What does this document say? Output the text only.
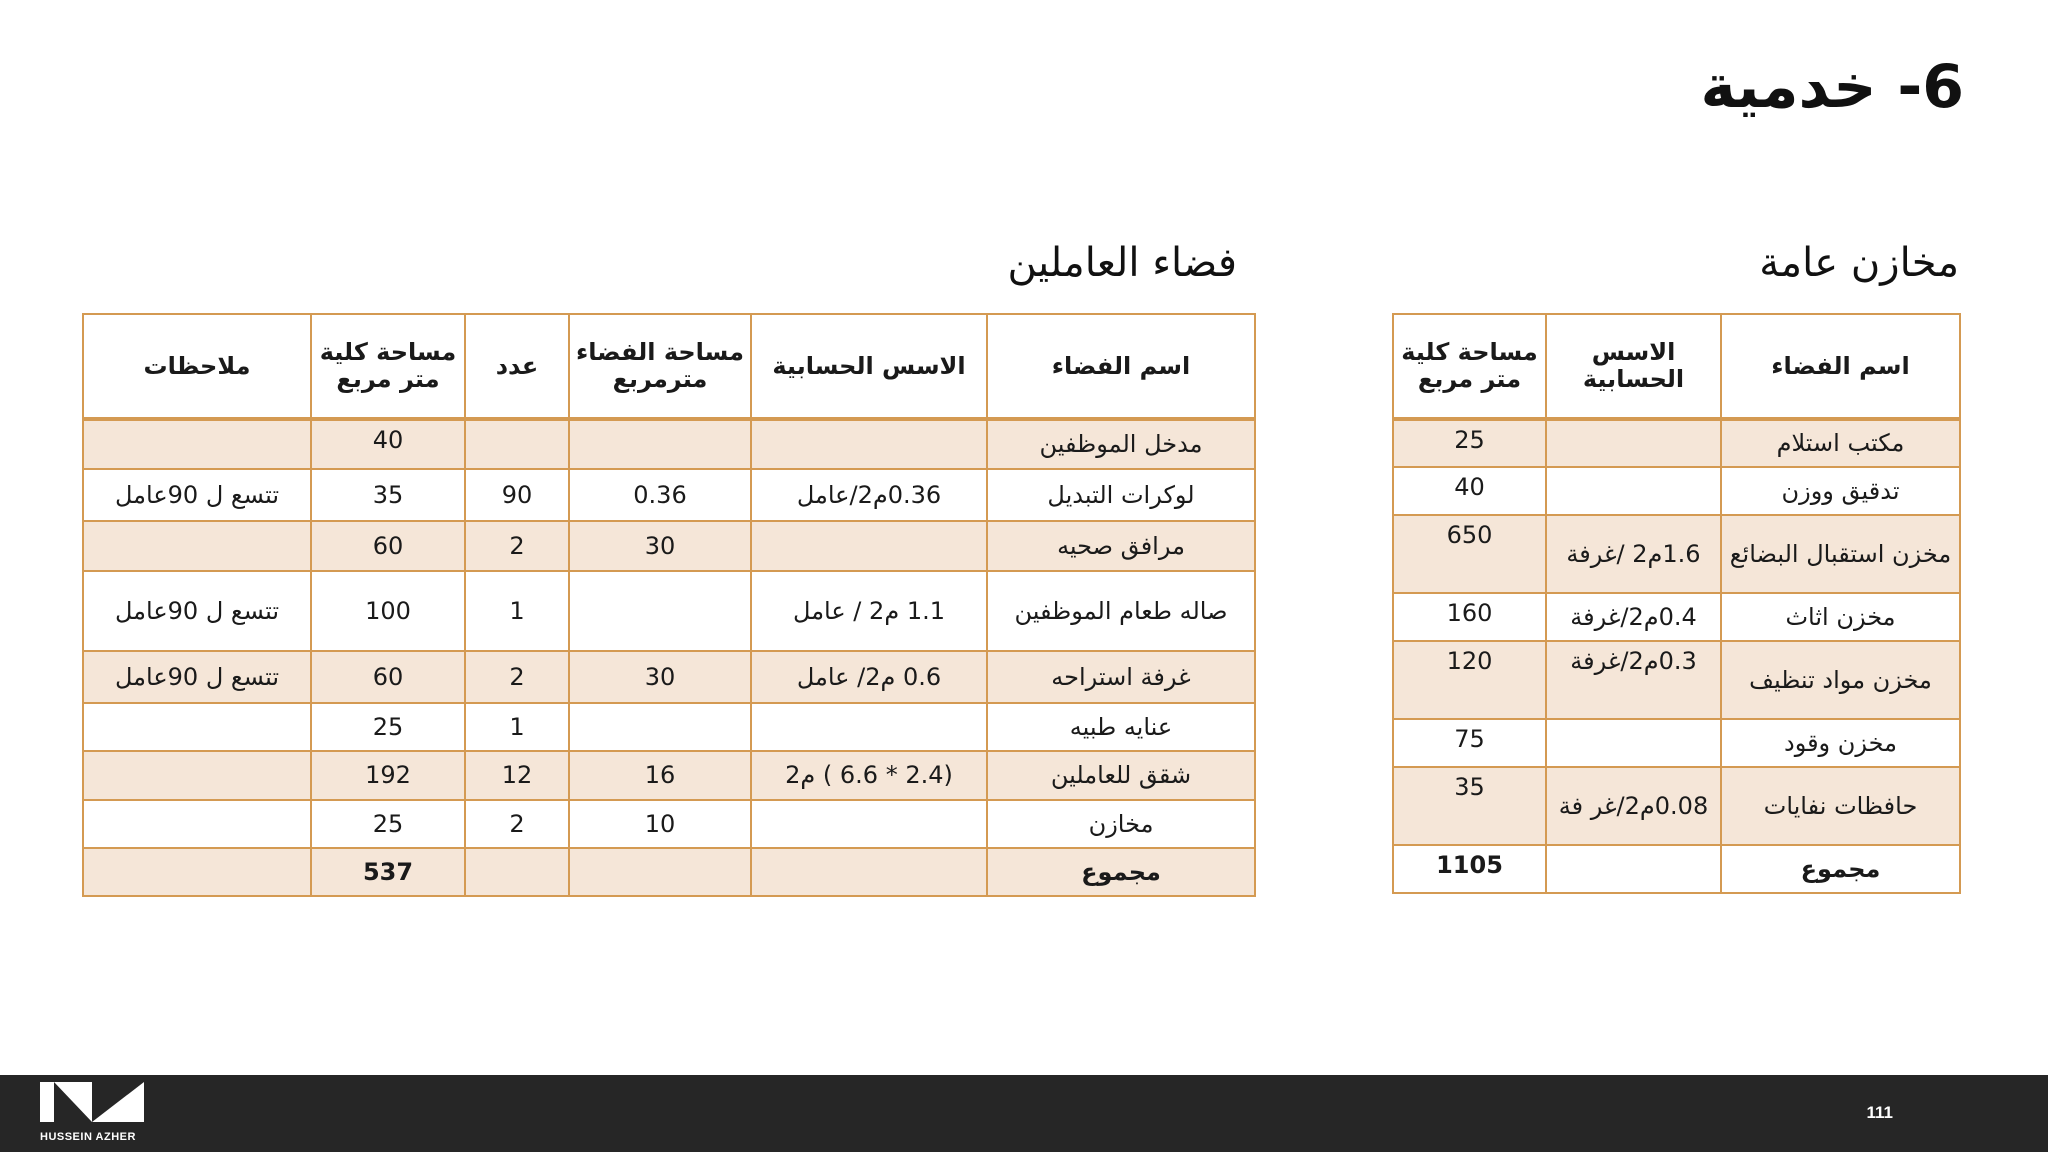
6- خدمية
مخازن عامة
فضاء العاملين
اسم الفضاء	الاسس الحسابية	مساحة كلية متر مربع
مكتب استلام		25
تدقيق ووزن		40
مخزن استقبال البضائع	1.6م2 /غرفة	650
مخزن اثاث	0.4م2/غرفة	160
مخزن مواد تنظيف	0.3م2/غرفة	120
مخزن وقود		75
حافظات نفايات	0.08م2/غر فة	35
مجموع		1105
اسم الفضاء	الاسس الحسابية	مساحة الفضاء مترمربع	عدد	مساحة كلية متر مربع	ملاحظات
مدخل الموظفين				40	
لوكرات التبديل	0.36م2/عامل	0.36	90	35	تتسع ل 90عامل
مرافق صحيه		30	2	60	
صاله طعام الموظفين	1.1 م2 / عامل		1	100	تتسع ل 90عامل
غرفة استراحه	0.6 م2/ عامل	30	2	60	تتسع ل 90عامل
عنايه طبيه			1	25	
شقق للعاملين	(2.4 * 6.6 ) م2	16	12	192	
مخازن		10	2	25	
مجموع				537	
HUSSEIN AZHER
111
